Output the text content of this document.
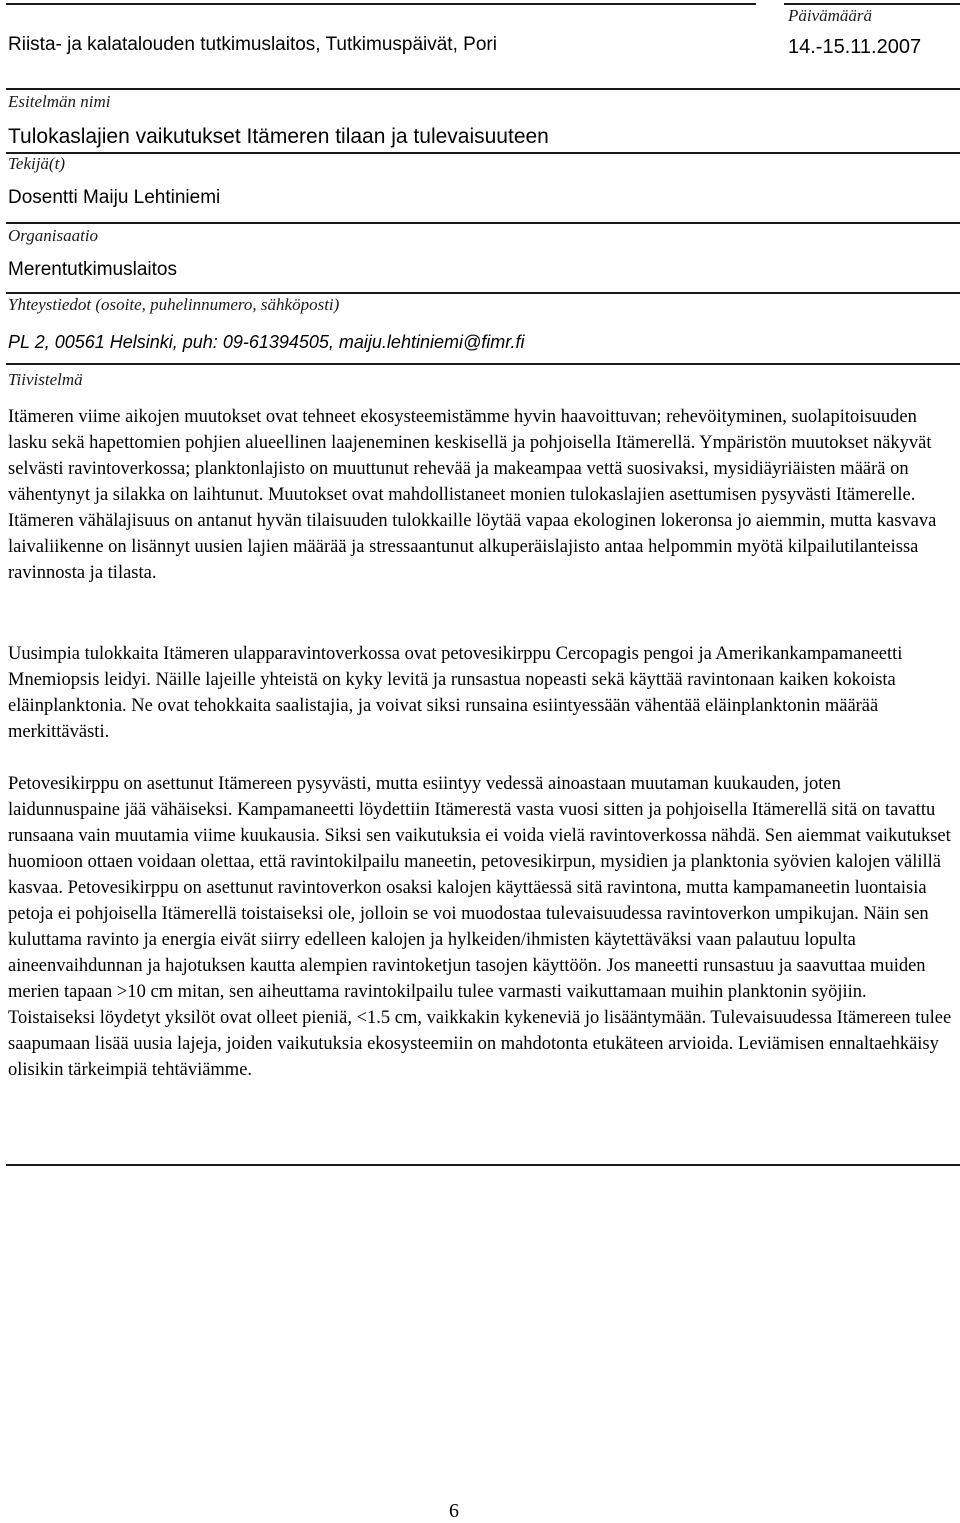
Päivämäärä
Riista- ja kalatalouden tutkimuslaitos, Tutkimuspäivät, Pori	14.-15.11.2007
Esitelmän nimi
Tulokaslajien vaikutukset Itämeren tilaan ja tulevaisuuteen
Tekijä(t)
Dosentti Maiju Lehtiniemi
Organisaatio
Merentutkimuslaitos
Yhteystiedot (osoite, puhelinnumero, sähköposti)
PL 2, 00561 Helsinki, puh: 09-61394505, maiju.lehtiniemi@fimr.fi
Tiivistelmä

Itämeren viime aikojen muutokset ovat tehneet ekosysteemistämme hyvin haavoittuvan; rehevöityminen, suolapitoisuuden lasku sekä hapettomien pohjien alueellinen laajeneminen keskisellä ja pohjoisella Itämerellä. Ympäristön muutokset näkyvät selvästi ravintoverkossa; planktonlajisto on muuttunut rehevää ja makeampaa vettä suosivaksi, mysidiäyriäisten määrä on vähentynyt ja silakka on laihtunut. Muutokset ovat mahdollistaneet monien tulokaslajien asettumisen pysyvästi Itämerelle. Itämeren vähälajisuus on antanut hyvän tilaisuuden tulokkaille löytää vapaa ekologinen lokeronsa jo aiemmin, mutta kasvava laivaliikenne on lisännyt uusien lajien määrää ja stressaantunut alkuperäislajisto antaa helpommin myötä kilpailutilanteissa ravinnosta ja tilasta.

Uusimpia tulokkaita Itämeren ulapparavintoverkossa ovat petovesikirppu Cercopagis pengoi ja Amerikankampamaneetti Mnemiopsis leidyi. Näille lajeille yhteistä on kyky levitä ja runsastua nopeasti sekä käyttää ravintonaan kaiken kokoista eläinplanktonia. Ne ovat tehokkaita saalistajia, ja voivat siksi runsaina esiintyessään vähentää eläinplanktonin määrää merkittävästi.

Petovesikirppu on asettunut Itämereen pysyvästi, mutta esiintyy vedessä ainoastaan muutaman kuukauden, joten laidunnuspaine jää vähäiseksi. Kampamaneetti löydettiin Itämerestä vasta vuosi sitten ja pohjoisella Itämerellä sitä on tavattu runsaana vain muutamia viime kuukausia. Siksi sen vaikutuksia ei voida vielä ravintoverkossa nähdä. Sen aiemmat vaikutukset huomioon ottaen voidaan olettaa, että ravintokilpailu maneetin, petovesikirpun, mysidien ja planktonia syövien kalojen välillä kasvaa. Petovesikirppu on asettunut ravintoverkon osaksi kalojen käyttäessä sitä ravintona, mutta kampamaneetin luontaisia petoja ei pohjoisella Itämerellä toistaiseksi ole, jolloin se voi muodostaa tulevaisuudessa ravintoverkon umpikujan. Näin sen kuluttama ravinto ja energia eivät siirry edelleen kalojen ja hylkeiden/ihmisten käytettäväksi vaan palautuu lopulta aineenvaihdunnan ja hajotuksen kautta alempien ravintoketjun tasojen käyttöön. Jos maneetti runsastuu ja saavuttaa muiden merien tapaan >10 cm mitan, sen aiheuttama ravintokilpailu tulee varmasti vaikuttamaan muihin planktonin syöjiin. Toistaiseksi löydetyt yksilöt ovat olleet pieniä, <1.5 cm, vaikkakin kykeneviä jo lisääntymään. Tulevaisuudessa Itämereen tulee saapumaan lisää uusia lajeja, joiden vaikutuksia ekosysteemiin on mahdotonta etukäteen arvioida. Leviämisen ennaltaehkäisy olisikin tärkeimpiä tehtäviämme.

6
